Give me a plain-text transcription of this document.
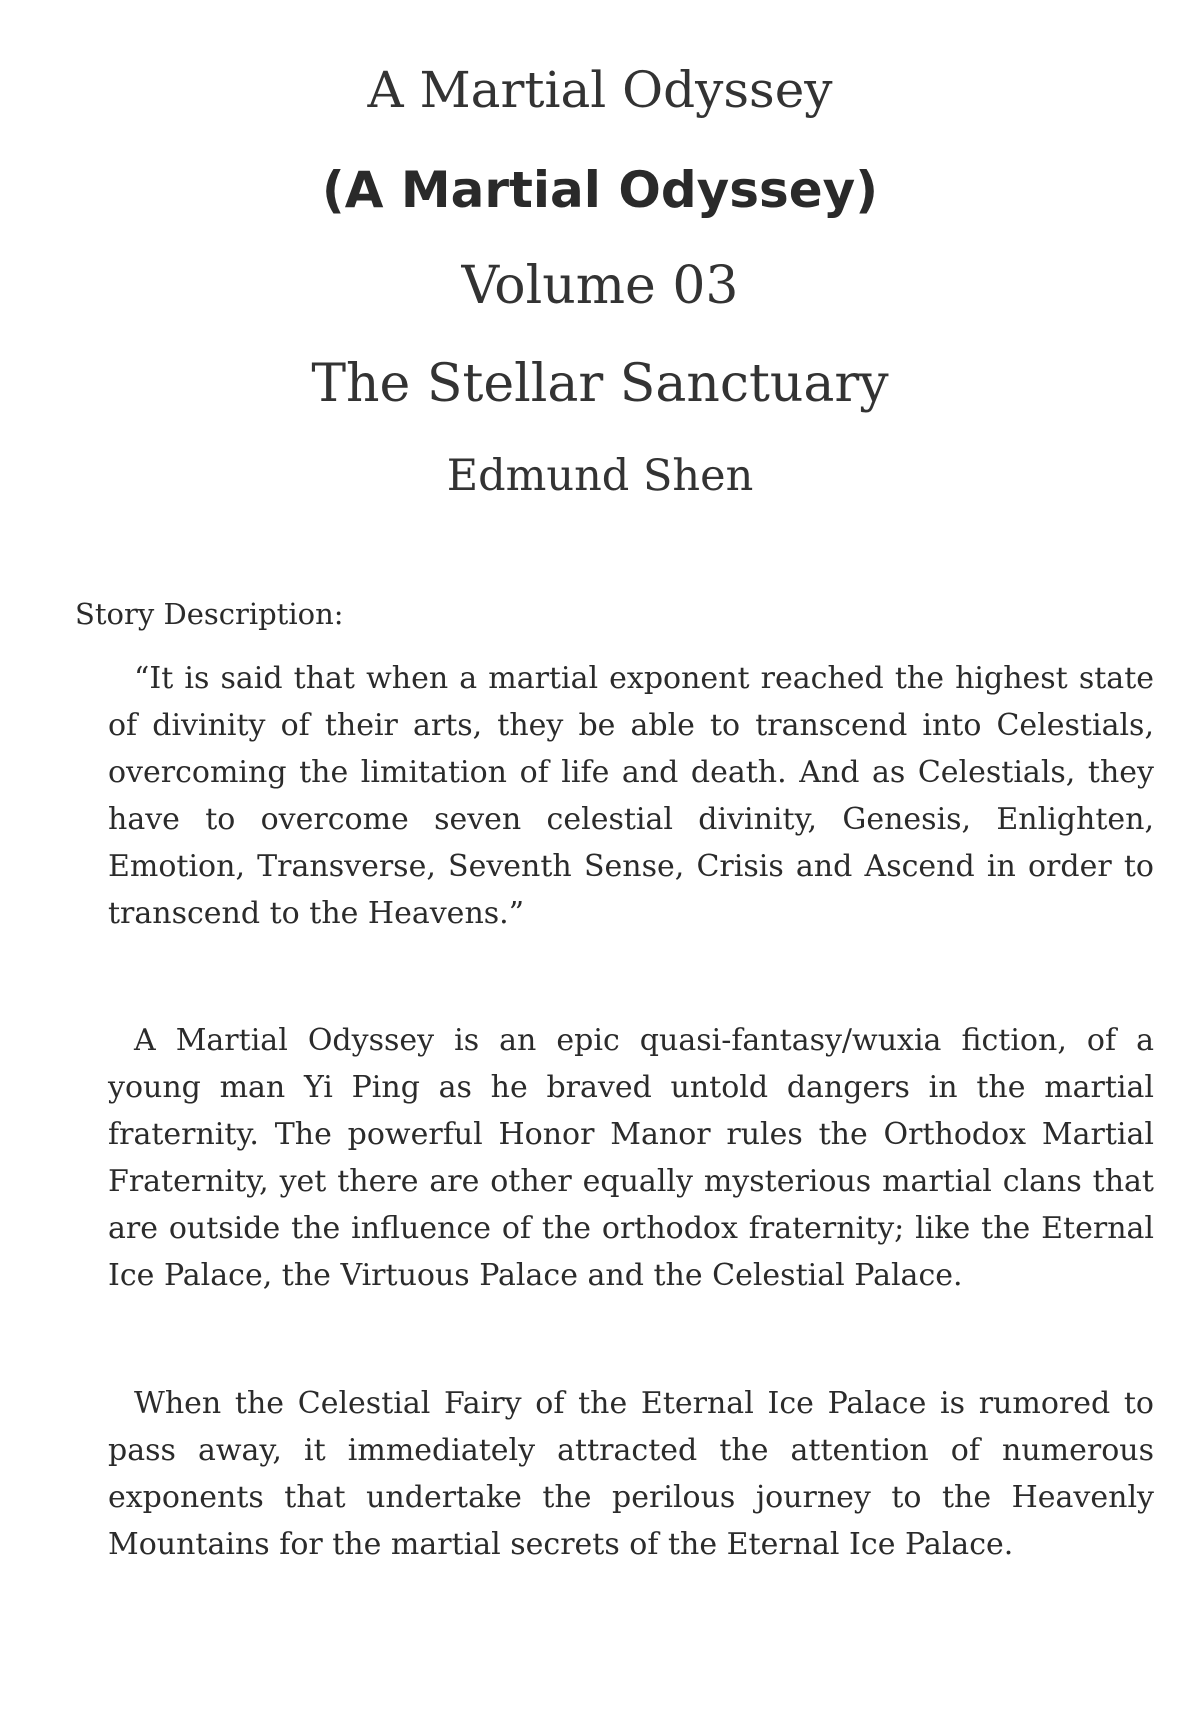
A Martial Odyssey
(A Martial Odyssey)
Volume 03
The Stellar Sanctuary
Edmund Shen
Story Description:

“It is said that when a martial exponent reached the highest state of divinity of their arts, they be able to transcend into Celestials, overcoming the limitation of life and death. And as Celestials, they have to overcome seven celestial divinity, Genesis, Enlighten, Emotion, Transverse, Seventh Sense, Crisis and Ascend in order to transcend to the Heavens.”

A Martial Odyssey is an epic quasi-fantasy/wuxia fiction, of a young man Yi Ping as he braved untold dangers in the martial fraternity. The powerful Honor Manor rules the Orthodox Martial Fraternity, yet there are other equally mysterious martial clans that are outside the influence of the orthodox fraternity; like the Eternal Ice Palace, the Virtuous Palace and the Celestial Palace.

When the Celestial Fairy of the Eternal Ice Palace is rumored to pass away, it immediately attracted the attention of numerous exponents that undertake the perilous journey to the Heavenly Mountains for the martial secrets of the Eternal Ice Palace.
